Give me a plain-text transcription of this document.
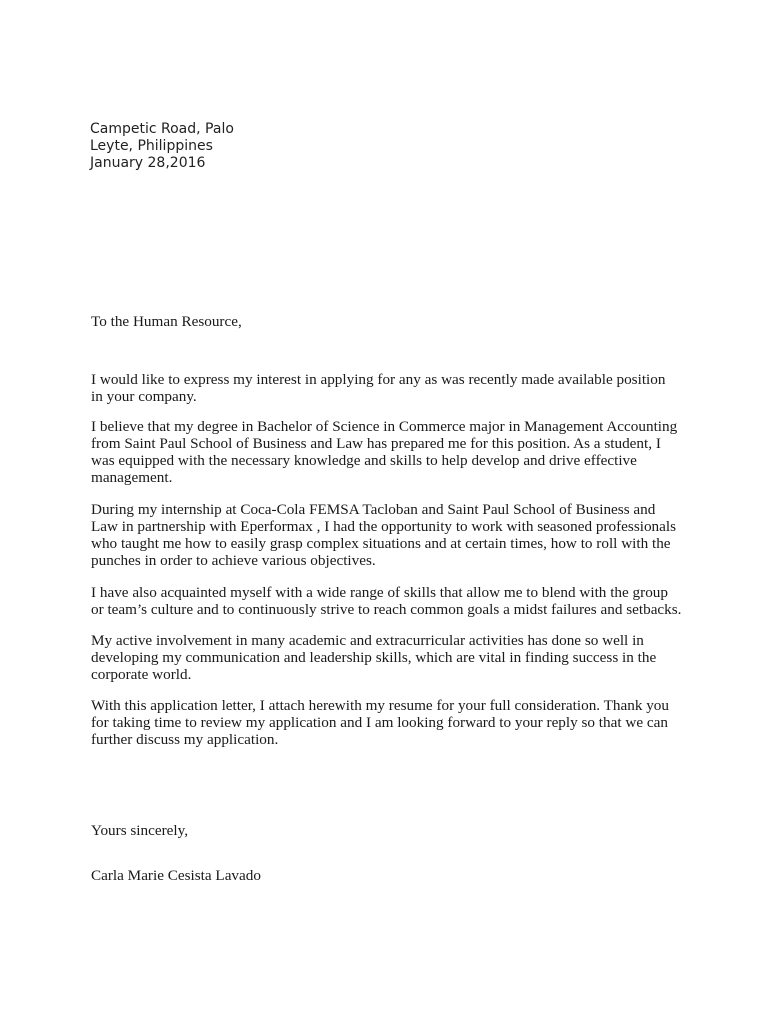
Campetic Road, Palo
Leyte, Philippines
January 28,2016
To the Human Resource,

I would like to express my interest in applying for any as was recently made available position
in your company.

I believe that my degree in Bachelor of Science in Commerce major in Management Accounting
from Saint Paul School of Business and Law has prepared me for this position. As a student, I
was equipped with the necessary knowledge and skills to help develop and drive effective
management.

During my internship at Coca-Cola FEMSA Tacloban and Saint Paul School of Business and
Law in partnership with Eperformax , I had the opportunity to work with seasoned professionals
who taught me how to easily grasp complex situations and at certain times, how to roll with the
punches in order to achieve various objectives.

I have also acquainted myself with a wide range of skills that allow me to blend with the group
or team’s culture and to continuously strive to reach common goals a midst failures and setbacks.

My active involvement in many academic and extracurricular activities has done so well in
developing my communication and leadership skills, which are vital in finding success in the
corporate world.

With this application letter, I attach herewith my resume for your full consideration. Thank you
for taking time to review my application and I am looking forward to your reply so that we can
further discuss my application.

Yours sincerely,
Carla Marie Cesista Lavado
